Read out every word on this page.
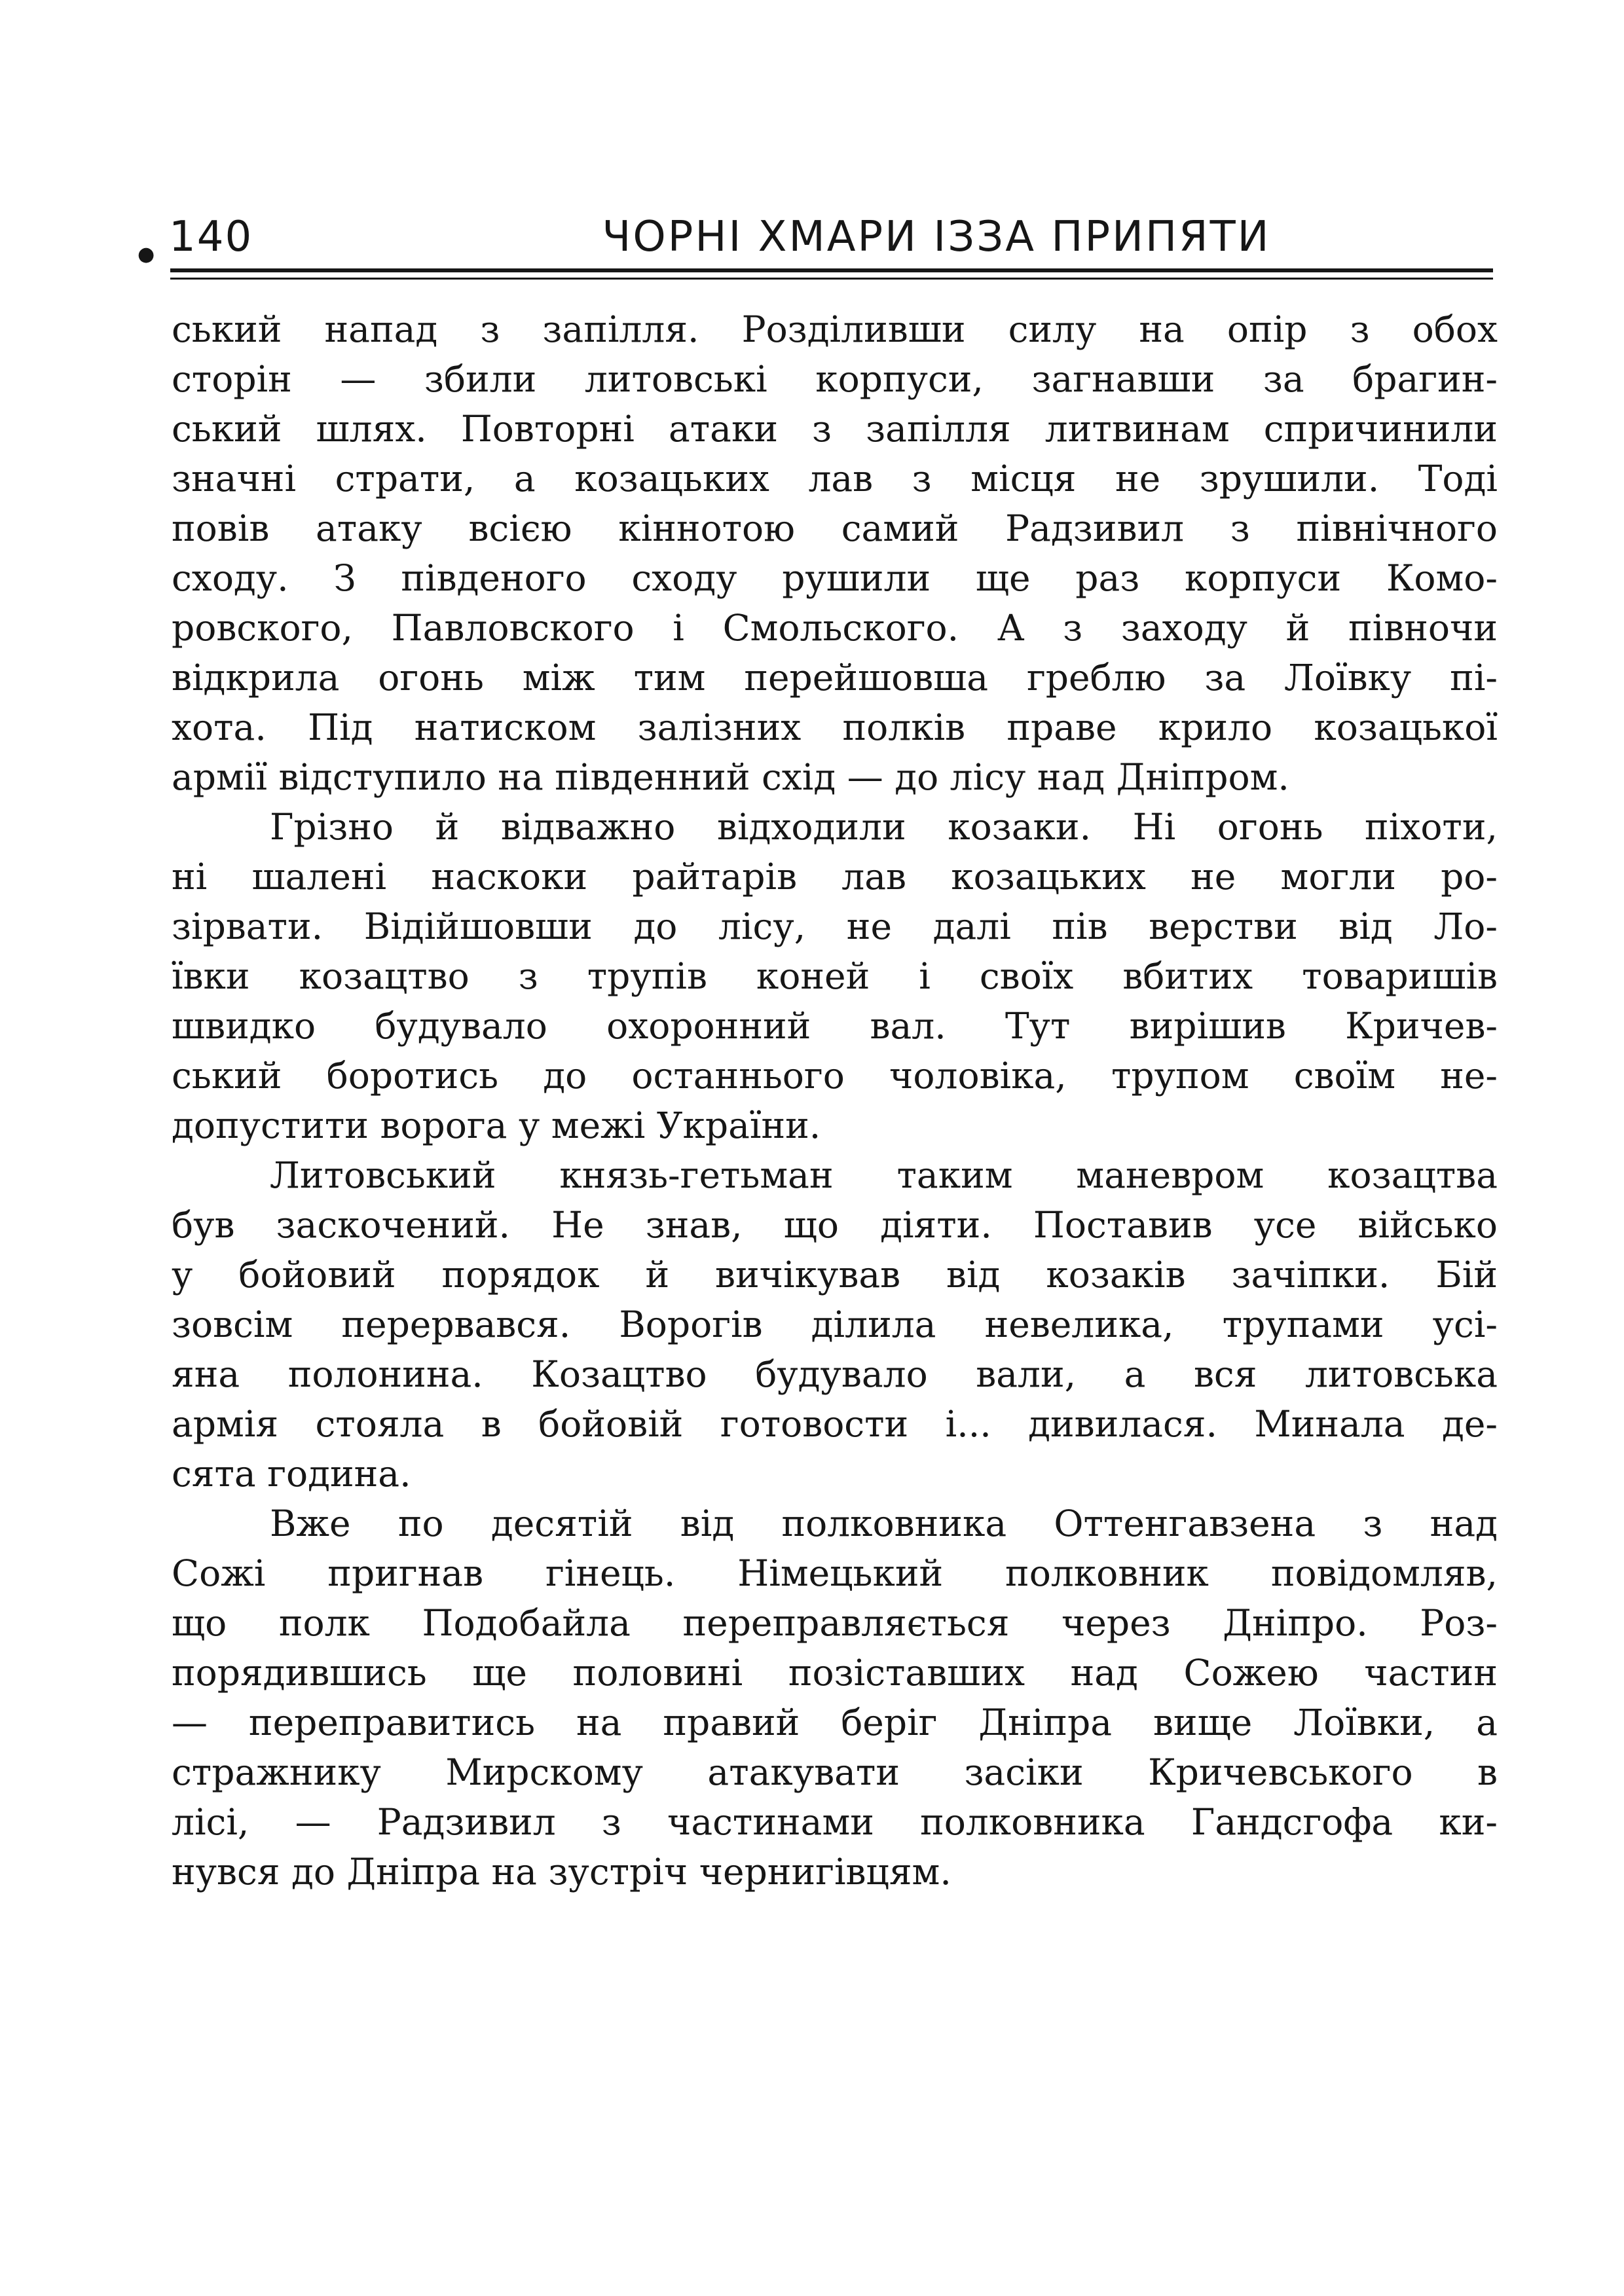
● 140	ЧОРНІ ХМАРИ ІЗЗА ПРИПЯТИ

ський напад з запілля. Розділивши силу на опір з обох
сторін — збили литовські корпуси, загнавши за брагин-
ський шлях. Повторні атаки з запілля литвинам спричинили
значні страти, а козацьких лав з місця не зрушили. Тоді
повів атаку всією кіннотою самий Радзивил з північного
сходу. З південого сходу рушили ще раз корпуси Комо-
ровского, Павловского і Смольского. А з заходу й півночи
відкрила огонь між тим перейшовша греблю за Лоївку пі-
хота. Під натиском залізних полків праве крило козацької
армії відступило на південний схід — до лісу над Дніпром.

Грізно й відважно відходили козаки. Ні огонь піхоти,
ні шалені наскоки райтарів лав козацьких не могли ро-
зірвати. Відійшовши до лісу, не далі пів верстви від Ло-
ївки козацтво з трупів коней і своїх вбитих товаришів
швидко будувало охоронний вал. Тут вирішив Кричев-
ський боротись до останнього чоловіка, трупом своїм не-
допустити ворога у межі України.

Литовський князь-гетьман таким маневром козацтва
був заскочений. Не знав, що діяти. Поставив усе військо
у бойовий порядок й вичікував від козаків зачіпки. Бій
зовсім перервався. Ворогів ділила невелика, трупами усі-
яна полонина. Козацтво будувало вали, а вся литовська
армія стояла в бойовій готовости і... дивилася. Минала де-
сята година.

Вже по десятій від полковника Оттенгавзена з над
Сожі пригнав гінець. Німецький полковник повідомляв,
що полк Подобайла переправляється через Дніпро. Роз-
порядившись ще половині позіставших над Сожею частин
— переправитись на правий беріг Дніпра вище Лоївки, а
стражнику Мирскому атакувати засіки Кричевського в
лісі, — Радзивил з частинами полковника Гандсгофа ки-
нувся до Дніпра на зустріч чернигівцям.
